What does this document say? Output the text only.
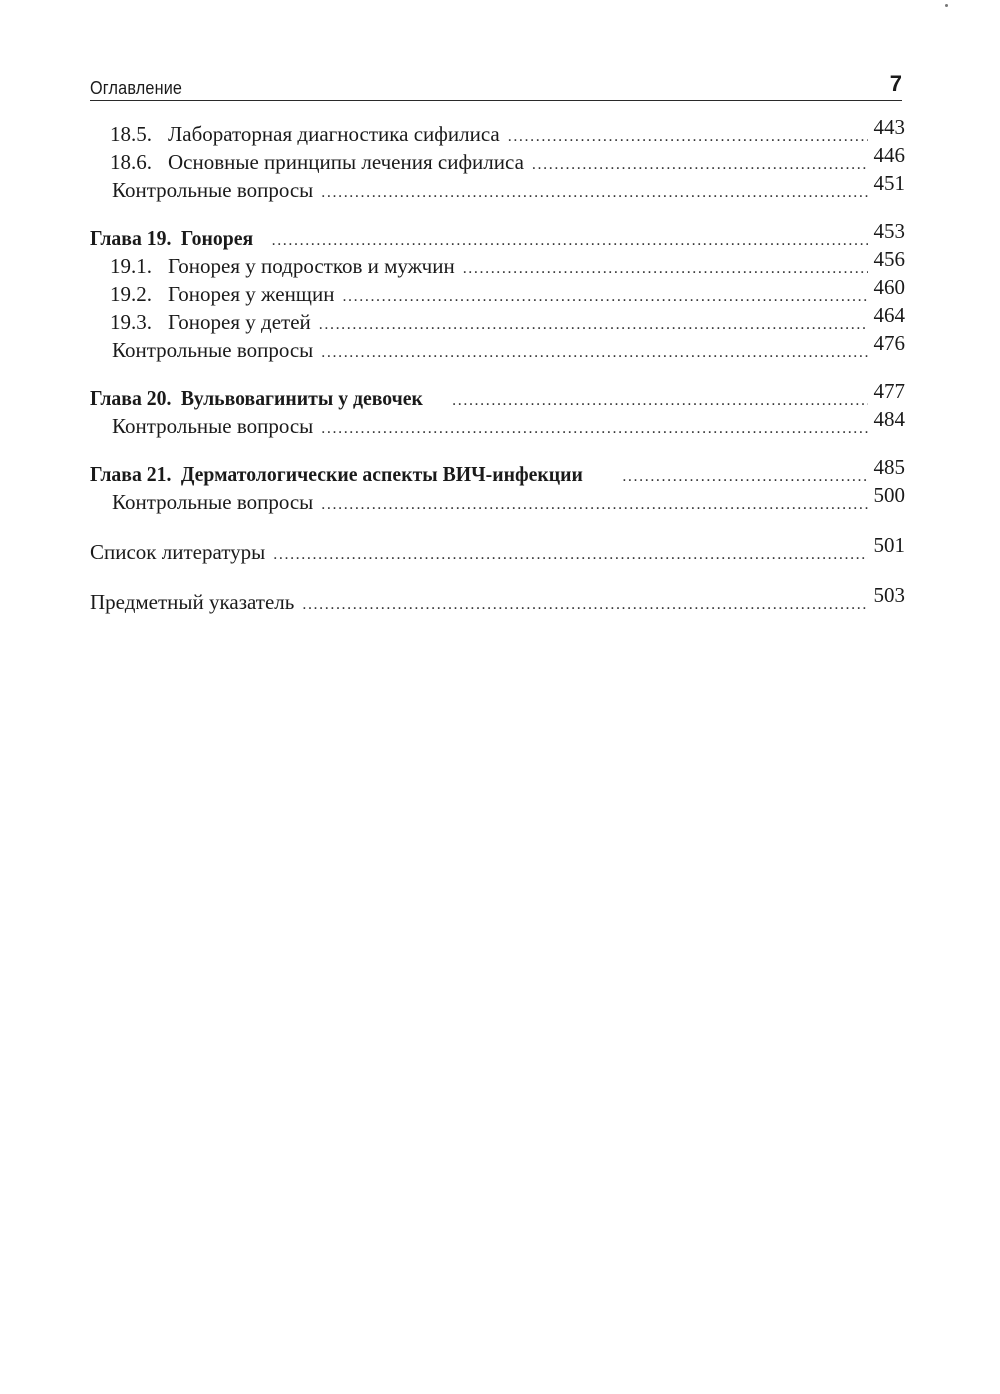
Оглавление	7
18.5. Лабораторная диагностика сифилиса . . .	443
18.6. Основные принципы лечения сифилиса . . .	446
Контрольные вопросы . . .	451
Глава 19. Гонорея . . .	453
19.1. Гонорея у подростков и мужчин . . .	456
19.2. Гонорея у женщин . . .	460
19.3. Гонорея у детей . . .	464
Контрольные вопросы . . .	476
Глава 20. Вульвовагиниты у девочек . . .	477
Контрольные вопросы . . .	484
Глава 21. Дерматологические аспекты ВИЧ-инфекции . . .	485
Контрольные вопросы . . .	500
Список литературы . . .	501
Предметный указатель . . .	503
